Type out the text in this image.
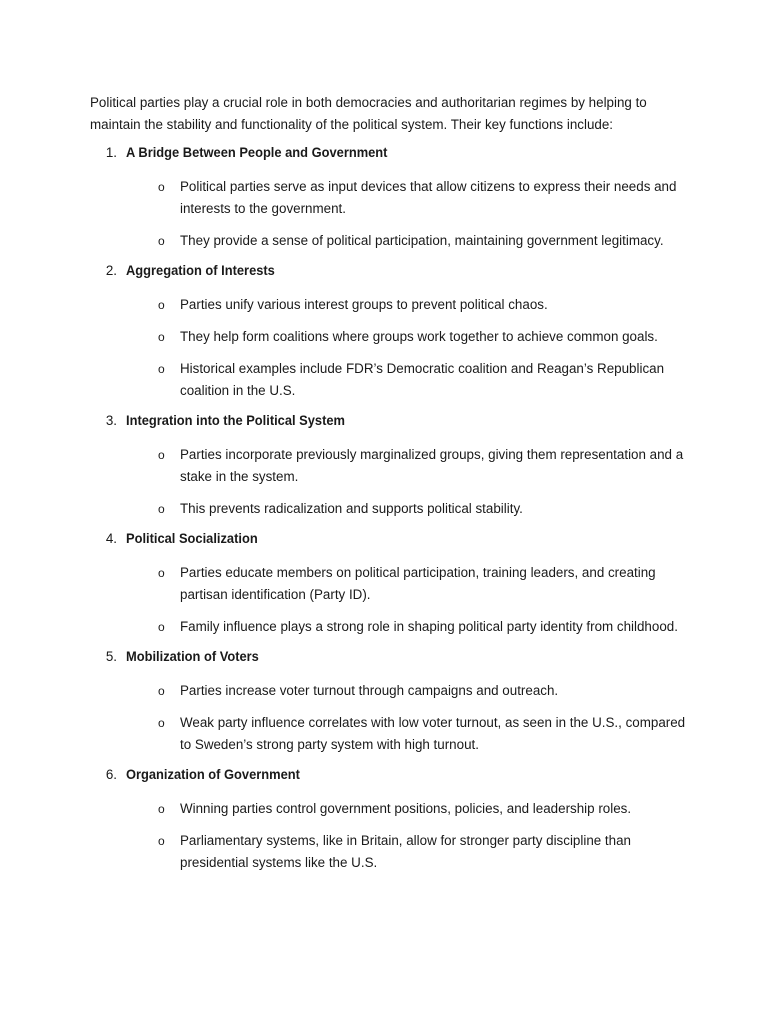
Political parties play a crucial role in both democracies and authoritarian regimes by helping to maintain the stability and functionality of the political system. Their key functions include:

1. A Bridge Between People and Government
o	Political parties serve as input devices that allow citizens to express their needs and interests to the government.
o	They provide a sense of political participation, maintaining government legitimacy.
2. Aggregation of Interests
o	Parties unify various interest groups to prevent political chaos.
o	They help form coalitions where groups work together to achieve common goals.
o	Historical examples include FDR’s Democratic coalition and Reagan’s Republican coalition in the U.S.
3. Integration into the Political System
o	Parties incorporate previously marginalized groups, giving them representation and a stake in the system.
o	This prevents radicalization and supports political stability.
4. Political Socialization
o	Parties educate members on political participation, training leaders, and creating partisan identification (Party ID).
o	Family influence plays a strong role in shaping political party identity from childhood.
5. Mobilization of Voters
o	Parties increase voter turnout through campaigns and outreach.
o	Weak party influence correlates with low voter turnout, as seen in the U.S., compared to Sweden’s strong party system with high turnout.
6. Organization of Government
o	Winning parties control government positions, policies, and leadership roles.
o	Parliamentary systems, like in Britain, allow for stronger party discipline than presidential systems like the U.S.
